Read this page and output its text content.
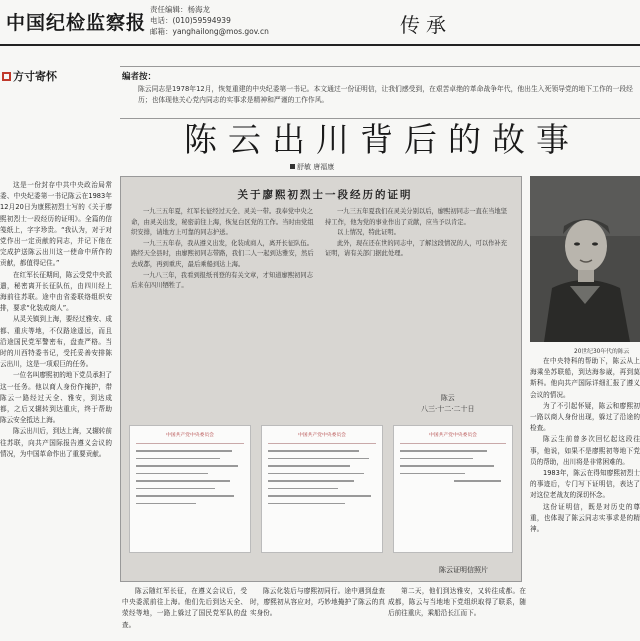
中国纪检监察报
责任编辑：杨海龙
电话：(010)59594939
邮箱：yanghailong@mos.gov.cn	传承
方寸寄怀	编者按：
陈云同志是1978年12月，恢复重建的中央纪委第一书记。本文通过一份证明信，让我们感受到，在艰苦卓绝的革命战争年代，他出生入死领导党的地下工作的一段经历；也体现他关心党内同志的实事求是精神和严谨的工作作风。
陈云出川背后的故事
舒敏 唐福康

这是一份封存中共中央政治局常委、中央纪委第一书记陈云在1983年12月20日为康熙初烈士写的《关于廖熙初烈士一段经历的证明》。全篇的信笺纸上，字字珍贵。“我认为，对于对党作出一定贡献的同志，并记下他在完成护送陈云出川这一使命中所作的贡献，都值得记住。”

在红军长征期间，陈云受党中央派遣，秘密离开长征队伍，由四川经上海前往苏联。途中由省委联络组织安排，要求“化装成商人”。

从灵关镇到上海，要经过雅安、成都、重庆等地，不仅路途遥远，而且沿途国民党军警密布，盘查严格。当时的川西特委书记，受托妥善安排陈云出川，这是一项艰巨的任务。

一位名叫廖熙初的地下党员承担了这一任务。他以商人身份作掩护，带陈云一路经过天全、雅安，到达成都，之后又辗转到达重庆，终于帮助陈云安全抵达上海。

陈云出川后，到达上海，又辗转前往苏联，向共产国际报告遵义会议的情况，为中国革命作出了重要贡献。

关于廖熙初烈士一段经历的证明

一九三五年夏，红军长征经过天全、灵关一带。我奉党中央之命，由灵关出发，秘密前往上海，恢复白区党的工作。当时由党组织安排，请地方上可靠的同志护送。

一九三五年春，我从遵义出发，化装成商人，离开长征队伍。路经天全县时，由廖熙初同志带路，我们二人一起到达雅安，然后去成都，再到重庆，最后乘船到达上海。

一九八三年，我看到报纸刊登的有关文章，才知道廖熙初同志后来在四川牺牲了。

一九三五年夏我们在灵关分别以后，廖熙初同志一直在当地坚持工作，他为党的事业作出了贡献，应当予以肯定。

以上情况，特此证明。

此外，现在还在世的同志中，了解这段情况的人，可以作补充证明，请有关部门据此处理。

陈云
八三·十二·二十日
中国共产党中央委员会	中国共产党中央委员会	中国共产党中央委员会
陈云证明信照片
20世纪30年代的陈云

在中央特科的帮助下，陈云从上海乘坐苏联船，到达海参崴，再到莫斯科。他向共产国际详细汇报了遵义会议的情况。

为了不引起怀疑，陈云和廖熙初一路以商人身份出现，躲过了沿途的检查。

陈云生前曾多次回忆起这段往事，他说，如果不是廖熙初等地下党员的帮助，出川将是非常困难的。

1983年，陈云在得知廖熙初烈士的事迹后，专门写下证明信，表达了对这位老战友的深切怀念。

这份证明信，既是对历史的尊重，也体现了陈云同志实事求是的精神。

陈云随红军长征，在遵义会议后，受中央委派前往上海。他们先后到达天全、荥经等地，一路上躲过了国民党军队的盘查。

陈云化装后与廖熙初同行。途中遇到盘查时，廖熙初从容应对，巧妙地掩护了陈云的真实身份。

第二天，他们到达雅安，又转往成都。在成都，陈云与当地地下党组织取得了联系，随后前往重庆，乘船沿长江而下。
